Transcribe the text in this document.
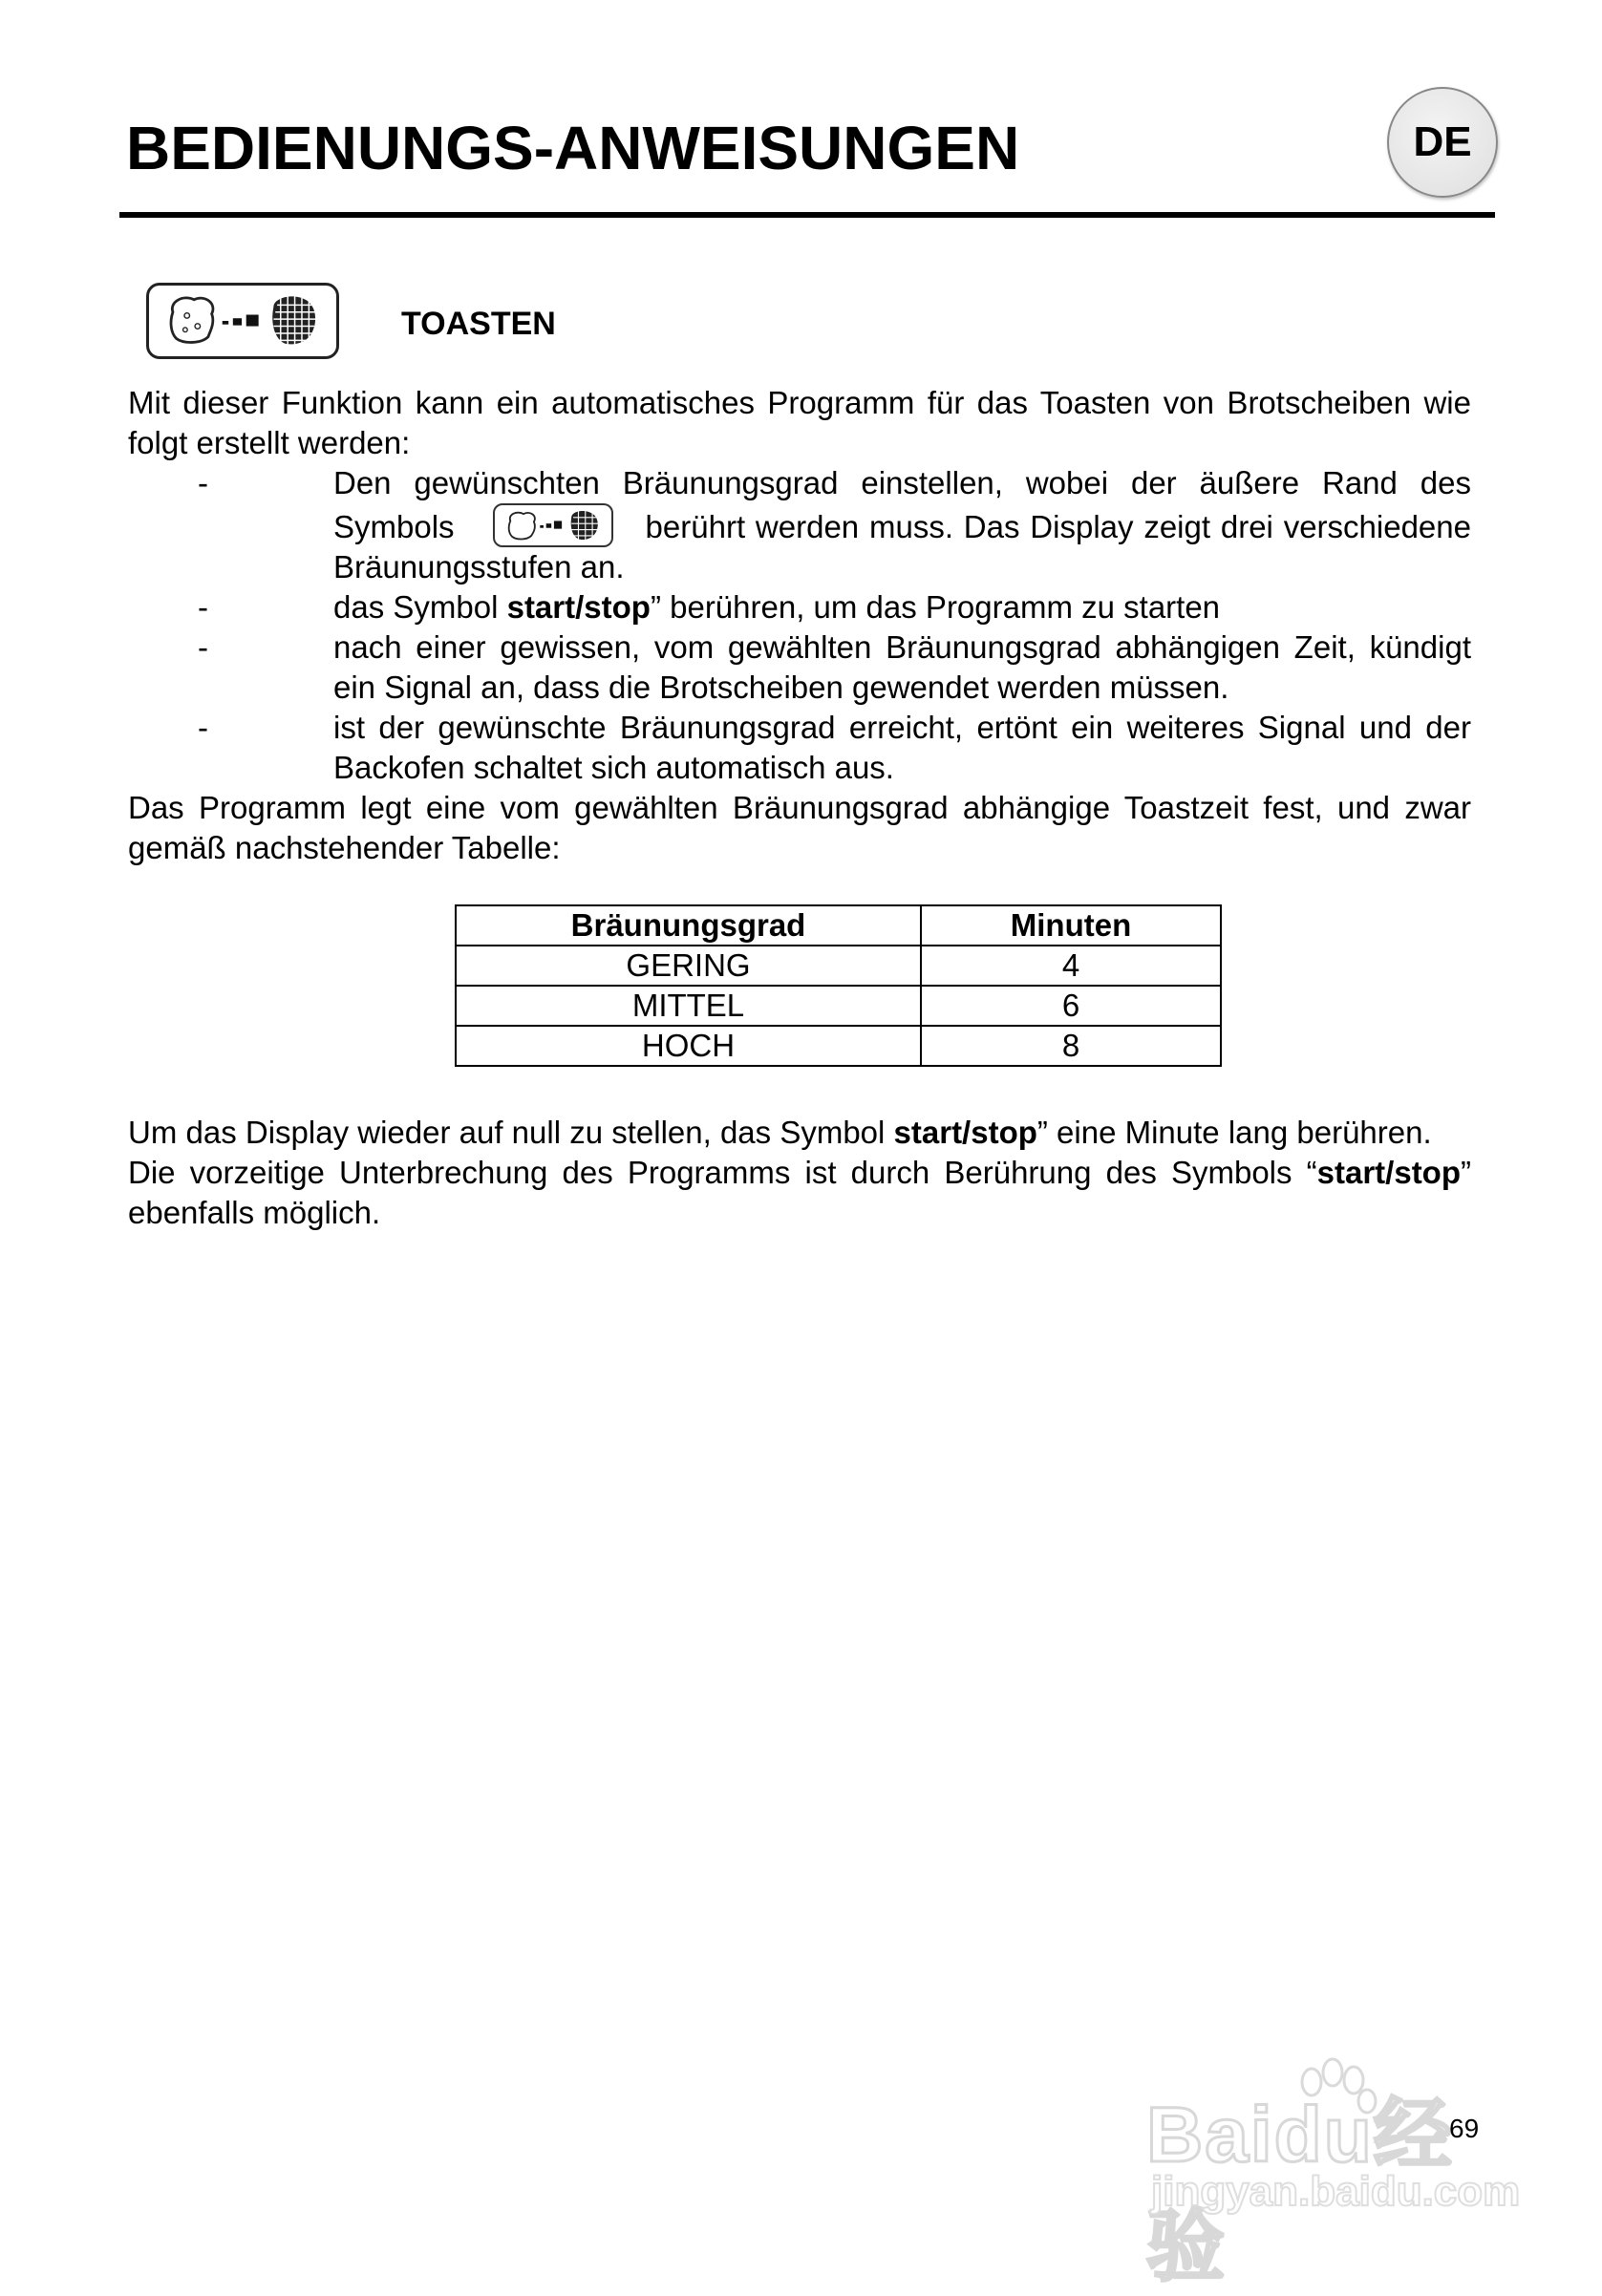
BEDIENUNGS-ANWEISUNGEN	DE
TOASTEN

Mit dieser Funktion kann ein automatisches Programm für das Toasten von Brotscheiben wie folgt erstellt werden:

-	Den gewünschten Bräunungsgrad einstellen, wobei der äußere Rand des Symbols	berührt werden muss. Das Display zeigt drei verschiedene Bräunungsstufen an.
-	das Symbol start/stop” berühren, um das Programm zu starten
-	nach einer gewissen, vom gewählten Bräunungsgrad abhängigen Zeit, kündigt ein Signal an, dass die Brotscheiben gewendet werden müssen.
-	ist der gewünschte Bräunungsgrad erreicht, ertönt ein weiteres Signal und der Backofen schaltet sich automatisch aus.

Das Programm legt eine vom gewählten Bräunungsgrad abhängige Toastzeit fest, und zwar gemäß nachstehender Tabelle:

Bräunungsgrad	Minuten
GERING	4
MITTEL	6
HOCH	8

Um das Display wieder auf null zu stellen, das Symbol start/stop” eine Minute lang berühren.

Die vorzeitige Unterbrechung des Programms ist durch Berührung des Symbols “start/stop” ebenfalls möglich.

Baidu经验
jingyan.baidu.com
69
